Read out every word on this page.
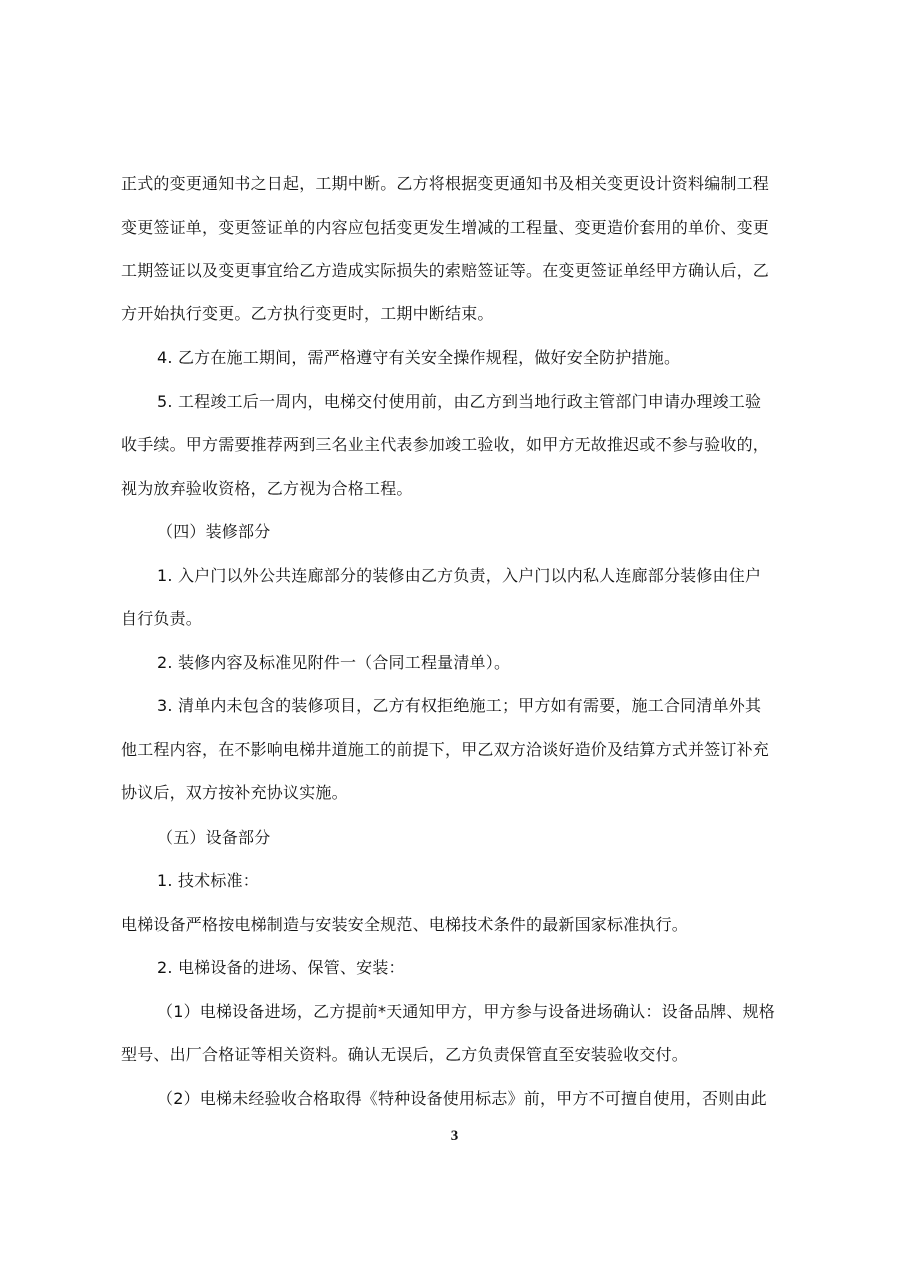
正式的变更通知书之日起，工期中断。乙方将根据变更通知书及相关变更设计资料编制工程
变更签证单，变更签证单的内容应包括变更发生增减的工程量、变更造价套用的单价、变更
工期签证以及变更事宜给乙方造成实际损失的索赔签证等。在变更签证单经甲方确认后，乙
方开始执行变更。乙方执行变更时，工期中断结束。
4. 乙方在施工期间，需严格遵守有关安全操作规程，做好安全防护措施。
5. 工程竣工后一周内，电梯交付使用前，由乙方到当地行政主管部门申请办理竣工验
收手续。甲方需要推荐两到三名业主代表参加竣工验收，如甲方无故推迟或不参与验收的，
视为放弃验收资格，乙方视为合格工程。
（四）装修部分
1. 入户门以外公共连廊部分的装修由乙方负责，入户门以内私人连廊部分装修由住户
自行负责。
2. 装修内容及标准见附件一（合同工程量清单）。
3. 清单内未包含的装修项目，乙方有权拒绝施工；甲方如有需要，施工合同清单外其
他工程内容，在不影响电梯井道施工的前提下，甲乙双方洽谈好造价及结算方式并签订补充
协议后，双方按补充协议实施。
（五）设备部分
1. 技术标准：
电梯设备严格按电梯制造与安装安全规范、电梯技术条件的最新国家标准执行。
2. 电梯设备的进场、保管、安装：
（1）电梯设备进场，乙方提前*天通知甲方，甲方参与设备进场确认：设备品牌、规格
型号、出厂合格证等相关资料。确认无误后，乙方负责保管直至安装验收交付。
（2）电梯未经验收合格取得《特种设备使用标志》前，甲方不可擅自使用，否则由此
3
